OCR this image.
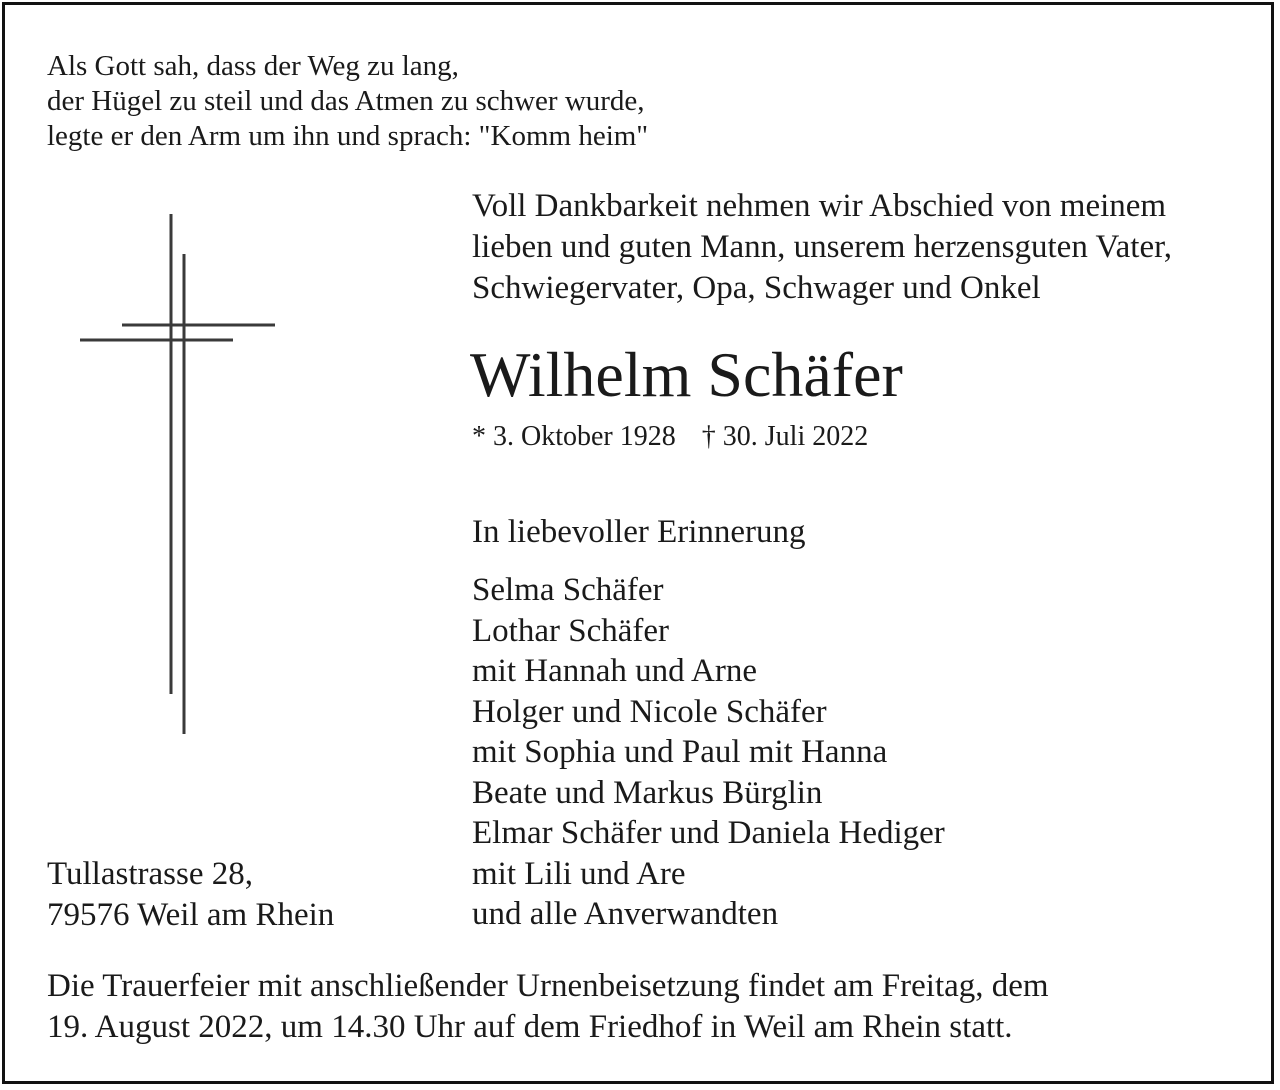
Als Gott sah, dass der Weg zu lang,
der Hügel zu steil und das Atmen zu schwer wurde,
legte er den Arm um ihn und sprach: "Komm heim"
Voll Dankbarkeit nehmen wir Abschied von meinem
lieben und guten Mann, unserem herzensguten Vater,
Schwiegervater, Opa, Schwager und Onkel
Wilhelm Schäfer
* 3. Oktober 1928 † 30. Juli 2022
In liebevoller Erinnerung
Selma Schäfer
Lothar Schäfer
mit Hannah und Arne
Holger und Nicole Schäfer
mit Sophia und Paul mit Hanna
Beate und Markus Bürglin
Elmar Schäfer und Daniela Hediger
mit Lili und Are
und alle Anverwandten
Tullastrasse 28,
79576 Weil am Rhein
Die Trauerfeier mit anschließender Urnenbeisetzung findet am Freitag, dem
19. August 2022, um 14.30 Uhr auf dem Friedhof in Weil am Rhein statt.
